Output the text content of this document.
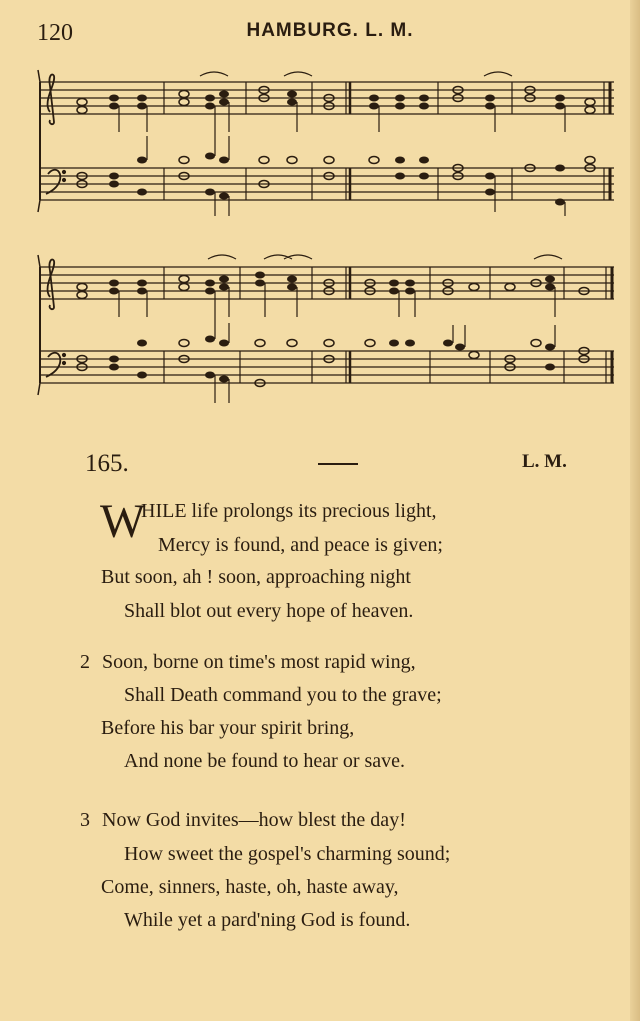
120	HAMBURG. L. M.
165.	L. M.
W
HILE life prolongs its precious light,
Mercy is found, and peace is given;
But soon, ah ! soon, approaching night
Shall blot out every hope of heaven.
2 Soon, borne on time's most rapid wing,
Shall Death command you to the grave;
Before his bar your spirit bring,
And none be found to hear or save.
3 Now God invites—how blest the day!
How sweet the gospel's charming sound;
Come, sinners, haste, oh, haste away,
While yet a pard'ning God is found.
